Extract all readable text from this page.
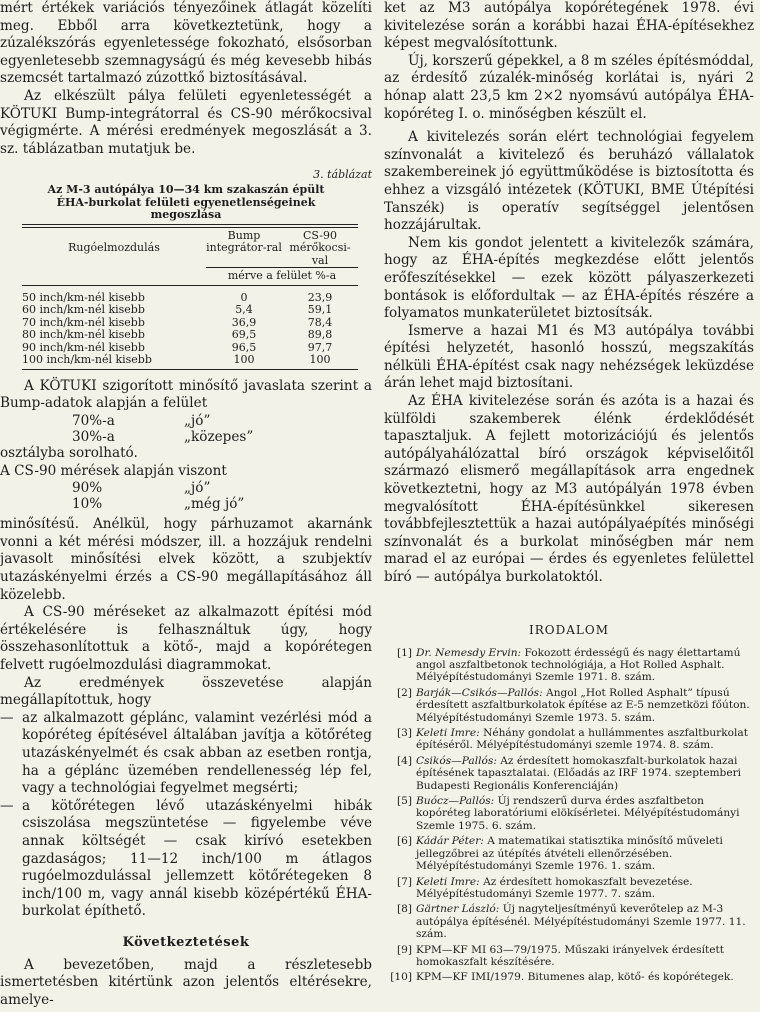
mért értékek variációs tényezőinek átlagát közelíti meg. Ebből arra következtetünk, hogy a zúzalékszórás egyenletessége fokozható, elsősorban egyenletesebb szemnagyságú és még kevesebb hibás szemcsét tartalmazó zúzottkő biztosításával.

Az elkészült pálya felületi egyenletességét a KÖTUKI Bump-integrátorral és CS-90 mérőkocsival végigmérte. A mérési eredmények megoszlását a 3. sz. táblázatban mutatjuk be.

3. táblázat
Az M-3 autópálya 10—34 km szakaszán épült ÉHA-burkolat felületi egyenetlenségeinek megoszlása
Rugóelmozdulás	Bump integrátor-ral	CS-90 mérőkocsi-val
	mérve a felület %-a	

50 inch/km-nél kisebb	0	23,9
60 inch/km-nél kisebb	5,4	59,1
70 inch/km-nél kisebb	36,9	78,4
80 inch/km-nél kisebb	69,5	89,8
90 inch/km-nél kisebb	96,5	97,7
100 inch/km-nél kisebb	100	100

A KÖTUKI szigorított minősítő javaslata szerint a Bump-adatok alapján a felület

70%-a	„jó”
30%-a	„közepes”

osztályba sorolható.

A CS-90 mérések alapján viszont

90%	„jó”
10%	„még jó”

minősítésű. Anélkül, hogy párhuzamot akarnánk vonni a két mérési módszer, ill. a hozzájuk rendelni javasolt minősítési elvek között, a szubjektív utazáskényelmi érzés a CS-90 megállapításához áll közelebb.

A CS-90 méréseket az alkalmazott építési mód értékelésére is felhasználtuk úgy, hogy összehasonlítottuk a kötő-, majd a kopórétegen felvett rugóelmozdulási diagrammokat.

Az eredmények összevetése alapján megállapítottuk, hogy

— az alkalmazott géplánc, valamint vezérlési mód a kopóréteg építésével általában javítja a kötőréteg utazáskényelmét és csak abban az esetben rontja, ha a géplánc üzemében rendellenesség lép fel, vagy a technológiai fegyelmet megsérti;
— a kötőrétegen lévő utazáskényelmi hibák csiszolása megszüntetése — figyelembe véve annak költségét — csak kirívó esetekben gazdaságos; 11—12 inch/100 m átlagos rugóelmozdulással jellemzett kötőrétegeken 8 inch/100 m, vagy annál kisebb középértékű ÉHA-burkolat építhető.
Következtetések

A bevezetőben, majd a részletesebb ismertetésben kitértünk azon jelentős eltérésekre, amelye-

ket az M3 autópálya kopórétegének 1978. évi kivitelezése során a korábbi hazai ÉHA-építésekhez képest megvalósítottunk.

Új, korszerű gépekkel, a 8 m széles építésmóddal, az érdesítő zúzalék-minőség korlátai is, nyári 2 hónap alatt 23,5 km 2×2 nyomsávú autópálya ÉHA-kopóréteg I. o. minőségben készült el.

A kivitelezés során elért technológiai fegyelem színvonalát a kivitelező és beruházó vállalatok szakembereinek jó együttműködése is biztosította és ehhez a vizsgáló intézetek (KÖTUKI, BME Útépítési Tanszék) is operatív segítséggel jelentősen hozzájárultak.

Nem kis gondot jelentett a kivitelezők számára, hogy az ÉHA-építés megkezdése előtt jelentős erőfeszítésekkel — ezek között pályaszerkezeti bontások is előfordultak — az ÉHA-építés részére a folyamatos munkaterületet biztosítsák.

Ismerve a hazai M1 és M3 autópálya további építési helyzetét, hasonló hosszú, megszakítás nélküli ÉHA-építést csak nagy nehézségek leküzdése árán lehet majd biztosítani.

Az ÉHA kivitelezése során és azóta is a hazai és külföldi szakemberek élénk érdeklődését tapasztaljuk. A fejlett motorizációjú és jelentős autópályahálózattal bíró országok képviselőitől származó elismerő megállapítások arra engednek következtetni, hogy az M3 autópályán 1978 évben megvalósított ÉHA-építésünkkel sikeresen továbbfejlesztettük a hazai autópályaépítés minőségi színvonalát és a burkolat minőségben már nem marad el az európai — érdes és egyenletes felülettel bíró — autópálya burkolatoktól.

IRODALOM
[1] Dr. Nemesdy Ervin: Fokozott érdességű és nagy élettartamú angol aszfaltbetonok technológiája, a Hot Rolled Asphalt. Mélyépítéstudományi Szemle 1971. 8. szám.
[2] Barják—Csikós—Pallós: Angol „Hot Rolled Asphalt” típusú érdesített aszfaltburkolatok építése az E-5 nemzetközi főúton. Mélyépítéstudományi Szemle 1973. 5. szám.
[3] Keleti Imre: Néhány gondolat a hullámmentes aszfaltburkolat építéséről. Mélyépítéstudományi szemle 1974. 8. szám.
[4] Csikós—Pallós: Az érdesített homokaszfalt-burkolatok hazai építésének tapasztalatai. (Előadás az IRF 1974. szeptemberi Budapesti Regionális Konferenciáján)
[5] Buócz—Pallós: Új rendszerű durva érdes aszfaltbeton kopóréteg laboratóriumi elökísérletei. Mélyépítéstudományi Szemle 1975. 6. szám.
[6] Kádár Péter: A matematikai statisztika minősítő műveleti jellegzőbrei az útépítés átvételi ellenőrzésében. Mélyépítéstudományi Szemle 1976. 1. szám.
[7] Keleti Imre: Az érdesített homokaszfalt bevezetése. Mélyépítéstudományi Szemle 1977. 7. szám.
[8] Gärtner László: Új nagyteljesítményű keverőtelep az M-3 autópálya építésénél. Mélyépítéstudományi Szemle 1977. 11. szám.
[9] KPM—KF MI 63—79/1975. Műszaki irányelvek érdesített homokaszfalt készítésére.
[10] KPM—KF IMI/1979. Bitumenes alap, kötő- és kopórétegek.
